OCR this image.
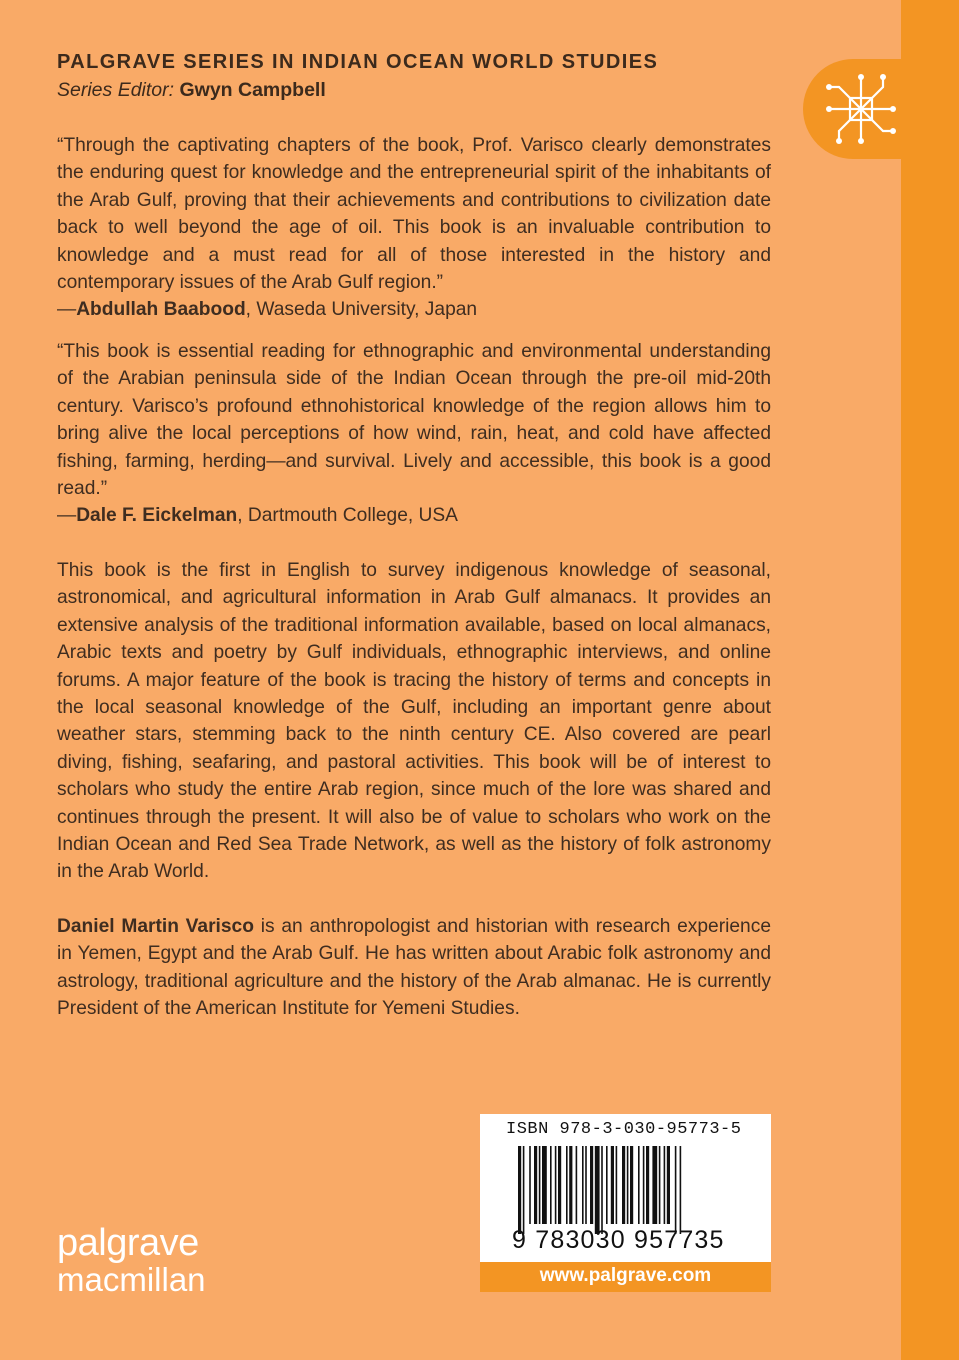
PALGRAVE SERIES IN INDIAN OCEAN WORLD STUDIES
Series Editor: Gwyn Campbell

“Through the captivating chapters of the book, Prof. Varisco clearly demonstrates the enduring quest for knowledge and the entrepreneurial spirit of the inhabitants of the Arab Gulf, proving that their achievements and contributions to civilization date back to well beyond the age of oil. This book is an invaluable contribution to knowledge and a must read for all of those interested in the history and contemporary issues of the Arab Gulf region.”

—Abdullah Baabood, Waseda University, Japan

“This book is essential reading for ethnographic and environmental understanding of the Arabian peninsula side of the Indian Ocean through the pre-oil mid-20th century. Varisco’s profound ethnohistorical knowledge of the region allows him to bring alive the local perceptions of how wind, rain, heat, and cold have affected fishing, farming, herding—and survival. Lively and accessible, this book is a good read.”

—Dale F. Eickelman, Dartmouth College, USA

This book is the first in English to survey indigenous knowledge of seasonal, astronomical, and agricultural information in Arab Gulf almanacs. It provides an extensive analysis of the traditional information available, based on local almanacs, Arabic texts and poetry by Gulf individuals, ethnographic interviews, and online forums. A major feature of the book is tracing the history of terms and concepts in the local seasonal knowledge of the Gulf, including an important genre about weather stars, stemming back to the ninth century CE. Also covered are pearl diving, fishing, seafaring, and pastoral activities. This book will be of interest to scholars who study the entire Arab region, since much of the lore was shared and continues through the present. It will also be of value to scholars who work on the Indian Ocean and Red Sea Trade Network, as well as the history of folk astronomy in the Arab World.

Daniel Martin Varisco is an anthropologist and historian with research experience in Yemen, Egypt and the Arab Gulf. He has written about Arabic folk astronomy and astrology, traditional agriculture and the history of the Arab almanac. He is currently President of the American Institute for Yemeni Studies.

ISBN 978-3-030-95773-5
9 783030 957735
www.palgrave.com
palgrave
macmillan
